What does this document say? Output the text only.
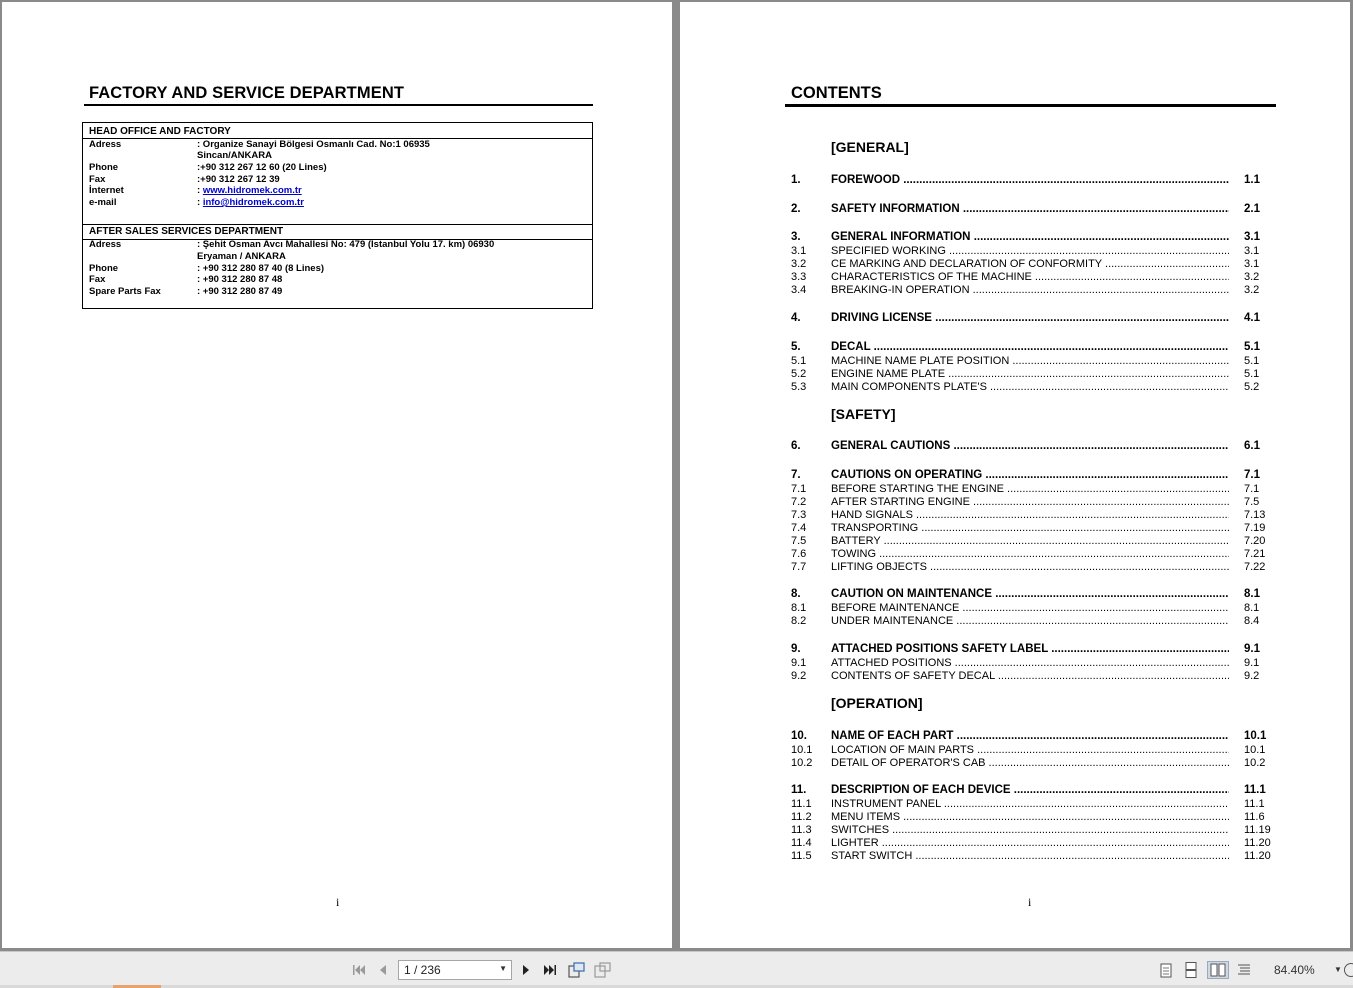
FACTORY AND SERVICE DEPARTMENT
HEAD OFFICE AND FACTORY
Adress	: Organize Sanayi Bölgesi Osmanlı Cad. No:1 06935
Sincan/ANKARA
Phone	:+90 312 267 12 60 (20 Lines)
Fax	:+90 312 267 12 39
İnternet	: www.hidromek.com.tr
e-mail	: info@hidromek.com.tr
AFTER SALES SERVICES DEPARTMENT
Adress	: Şehit Osman Avcı Mahallesi No: 479 (İstanbul Yolu 17. km) 06930
Eryaman / ANKARA
Phone	: +90 312 280 87 40 (8 Lines)
Fax	: +90 312 280 87 48
Spare Parts Fax	: +90 312 280 87 49
i
CONTENTS
[GENERAL]
[SAFETY]
[OPERATION]
1.	FOREWOOD .....	1.1
2.	SAFETY INFORMATION .....	2.1
3.	GENERAL INFORMATION .....	3.1
3.1 SPECIFIED WORKING .....	3.1
3.2 CE MARKING AND DECLARATION OF CONFORMITY .....	3.1
3.3 CHARACTERISTICS OF THE MACHINE .....	3.2
3.4 BREAKING-IN OPERATION .....	3.2
4.	DRIVING LICENSE .....	4.1
5.	DECAL .....	5.1
5.1 MACHINE NAME PLATE POSITION .....	5.1
5.2 ENGINE NAME PLATE .....	5.1
5.3 MAIN COMPONENTS PLATE'S .....	5.2
6.	GENERAL CAUTIONS .....	6.1
7.	CAUTIONS ON OPERATING .....	7.1
7.1 BEFORE STARTING THE ENGINE .....	7.1
7.2 AFTER STARTING ENGINE .....	7.5
7.3 HAND SIGNALS .....	7.13
7.4 TRANSPORTING .....	7.19
7.5 BATTERY .....	7.20
7.6 TOWING .....	7.21
7.7 LIFTING OBJECTS .....	7.22
8.	CAUTION ON MAINTENANCE .....	8.1
8.1 BEFORE MAINTENANCE .....	8.1
8.2 UNDER MAINTENANCE .....	8.4
9.	ATTACHED POSITIONS SAFETY LABEL .....	9.1
9.1 ATTACHED POSITIONS .....	9.1
9.2 CONTENTS OF SAFETY DECAL .....	9.2
10. NAME OF EACH PART .....	10.1
10.1 LOCATION OF MAIN PARTS .....	10.1
10.2 DETAIL OF OPERATOR'S CAB .....	10.2
11. DESCRIPTION OF EACH DEVICE .....	11.1
11.1 INSTRUMENT PANEL .....	11.1
11.2 MENU ITEMS .....	11.6
11.3 SWITCHES .....	11.19
11.4 LIGHTER .....	11.20
11.5 START SWITCH .....	11.20
i
1 / 236	▼	84.40% ▼
